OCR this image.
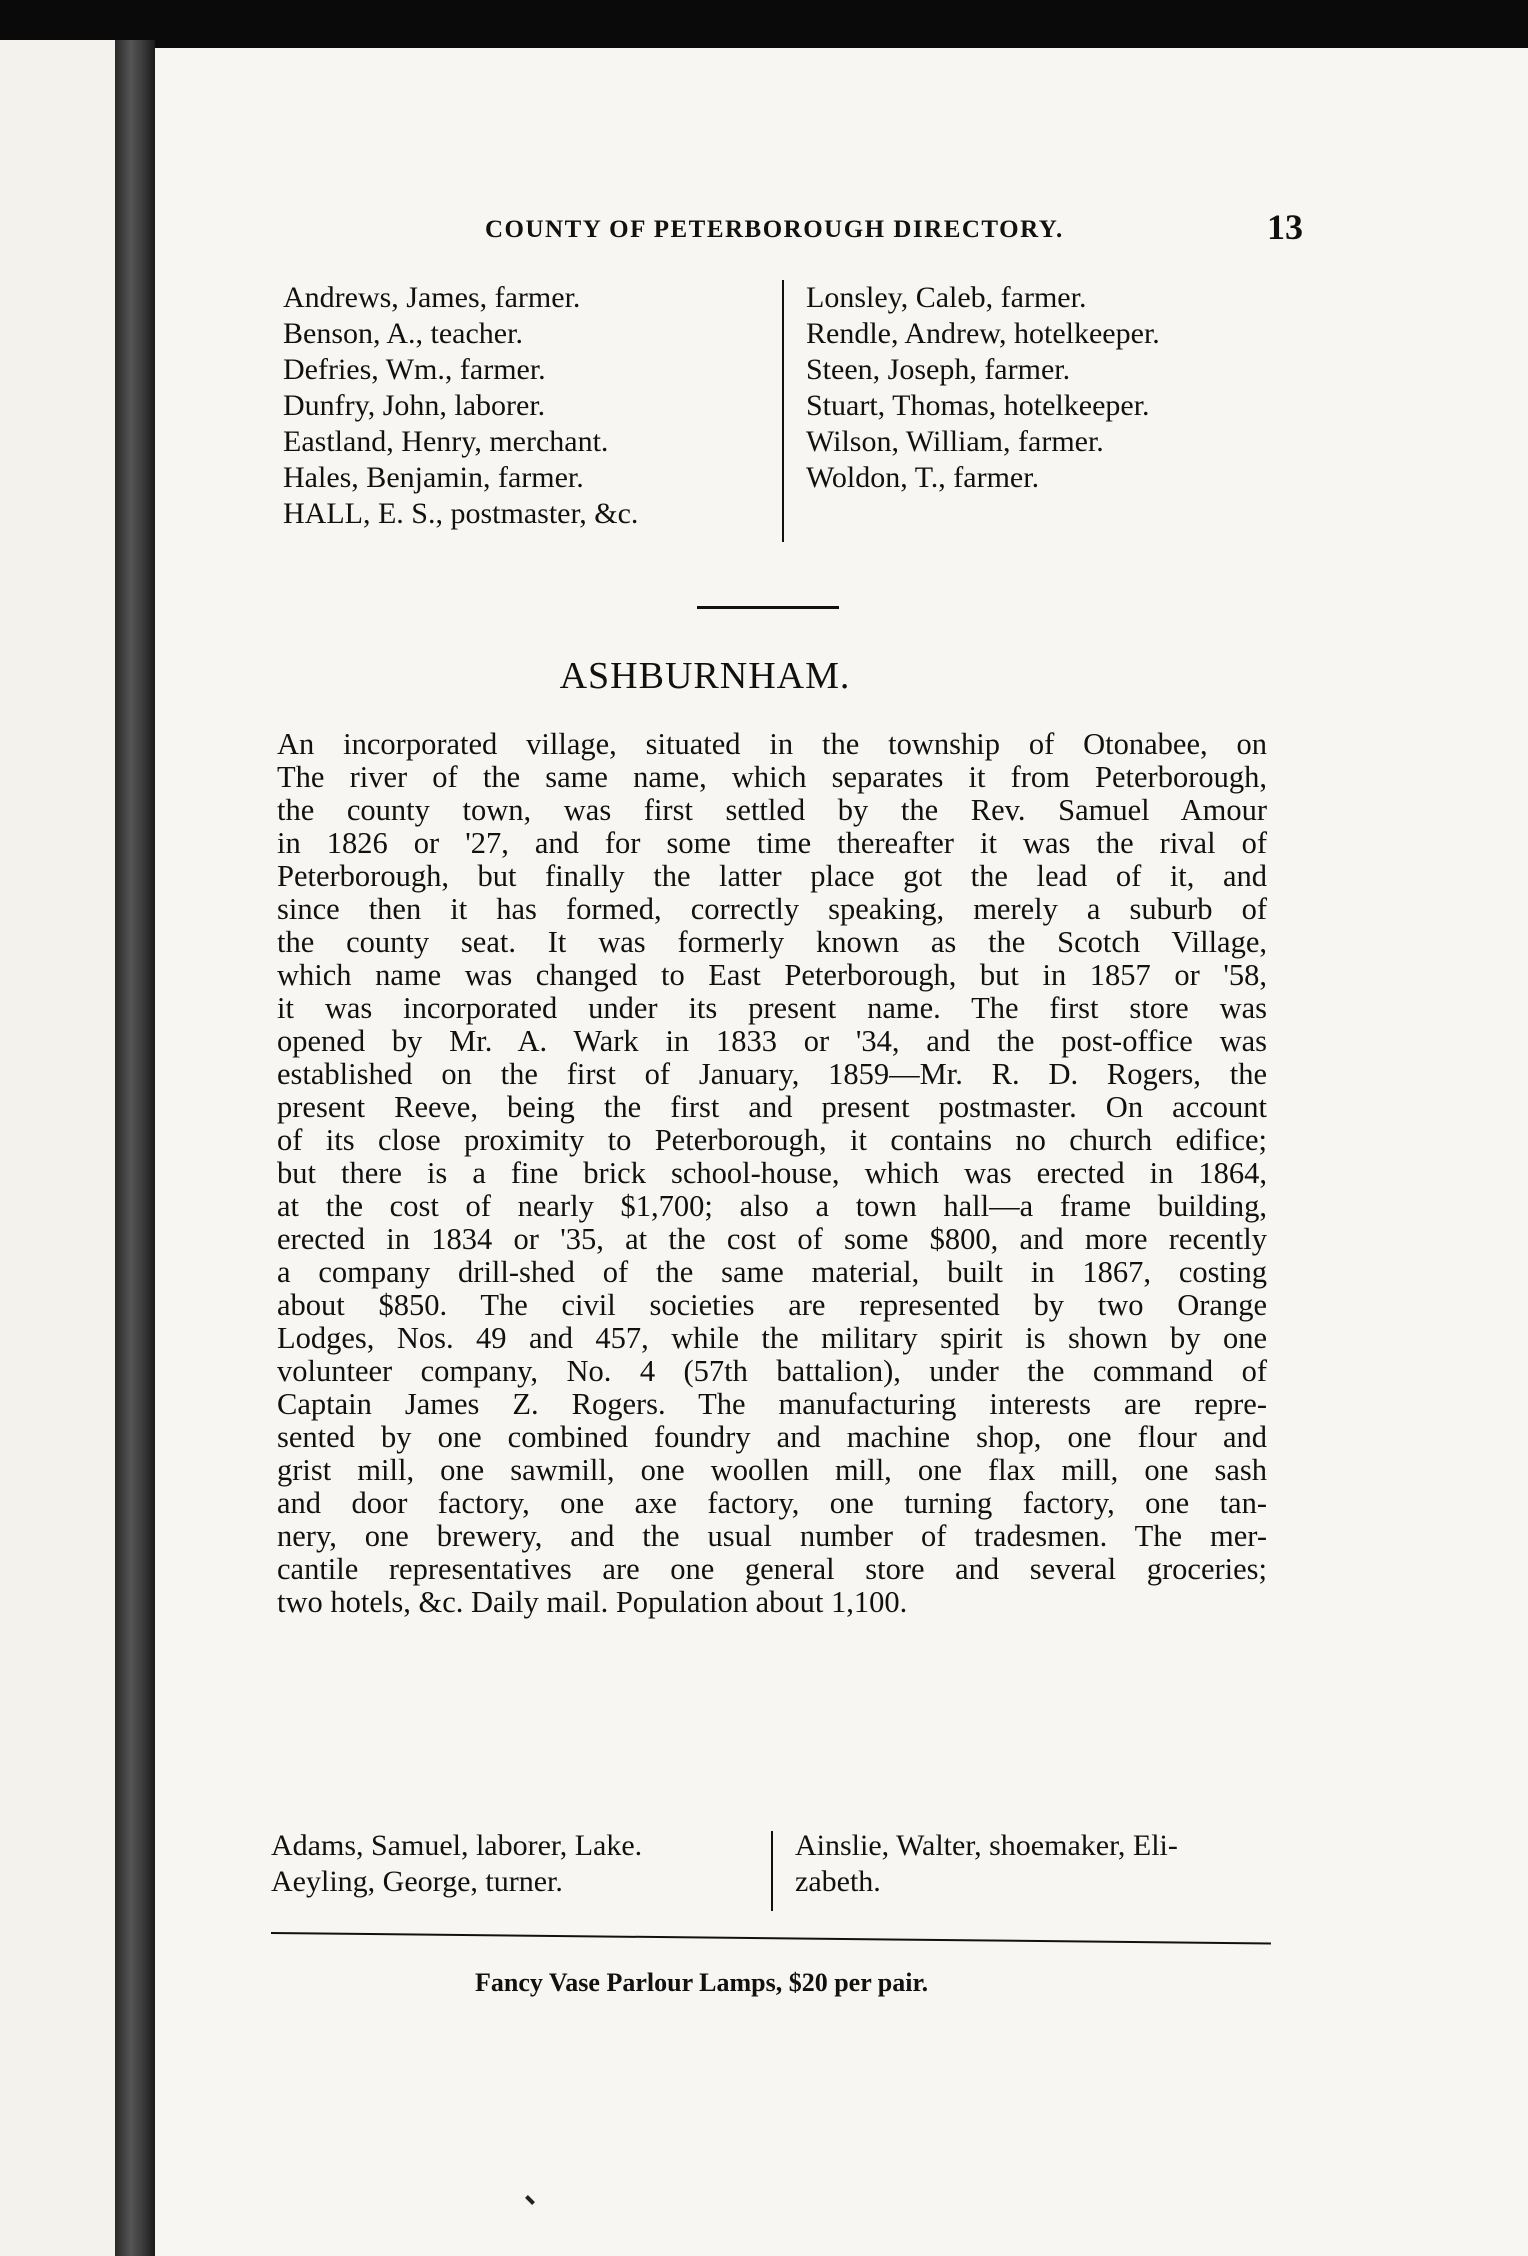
COUNTY OF PETERBOROUGH DIRECTORY.	13
Andrews, James, farmer.
Benson, A., teacher.
Defries, Wm., farmer.
Dunfry, John, laborer.
Eastland, Henry, merchant.
Hales, Benjamin, farmer.
HALL, E. S., postmaster, &c.
Lonsley, Caleb, farmer.
Rendle, Andrew, hotelkeeper.
Steen, Joseph, farmer.
Stuart, Thomas, hotelkeeper.
Wilson, William, farmer.
Woldon, T., farmer.
ASHBURNHAM.
An incorporated village, situated in the township of Otonabee, on
The river of the same name, which separates it from Peterborough,
the county town, was first settled by the Rev. Samuel Amour
in 1826 or '27, and for some time thereafter it was the rival of
Peterborough, but finally the latter place got the lead of it, and
since then it has formed, correctly speaking, merely a suburb of
the county seat. It was formerly known as the Scotch Village,
which name was changed to East Peterborough, but in 1857 or '58,
it was incorporated under its present name. The first store was
opened by Mr. A. Wark in 1833 or '34, and the post-office was
established on the first of January, 1859—Mr. R. D. Rogers, the
present Reeve, being the first and present postmaster. On account
of its close proximity to Peterborough, it contains no church edifice;
but there is a fine brick school-house, which was erected in 1864,
at the cost of nearly $1,700; also a town hall—a frame building,
erected in 1834 or '35, at the cost of some $800, and more recently
a company drill-shed of the same material, built in 1867, costing
about $850. The civil societies are represented by two Orange
Lodges, Nos. 49 and 457, while the military spirit is shown by one
volunteer company, No. 4 (57th battalion), under the command of
Captain James Z. Rogers. The manufacturing interests are repre-
sented by one combined foundry and machine shop, one flour and
grist mill, one sawmill, one woollen mill, one flax mill, one sash
and door factory, one axe factory, one turning factory, one tan-
nery, one brewery, and the usual number of tradesmen. The mer-
cantile representatives are one general store and several groceries;
two hotels, &c. Daily mail. Population about 1,100.
Adams, Samuel, laborer, Lake.
Aeyling, George, turner.
Ainslie, Walter, shoemaker, Eli-
zabeth.
Fancy Vase Parlour Lamps, $20 per pair.
